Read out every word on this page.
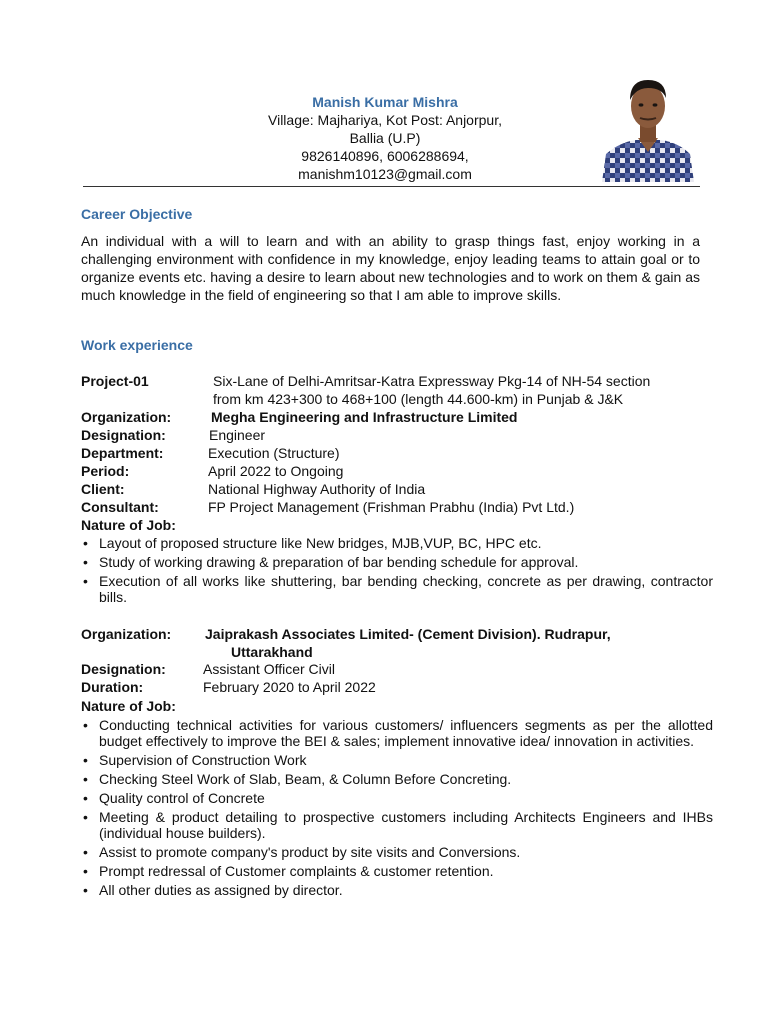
Manish Kumar Mishra
Village: Majhariya, Kot Post: Anjorpur,
Ballia (U.P)
9826140896, 6006288694,
manishm10123@gmail.com
Career Objective
An individual with a will to learn and with an ability to grasp things fast, enjoy working in a challenging environment with confidence in my knowledge, enjoy leading teams to attain goal or to organize events etc. having a desire to learn about new technologies and to work on them & gain as much knowledge in the field of engineering so that I am able to improve skills.
Work experience
Project-01	Six-Lane of Delhi-Amritsar-Katra Expressway Pkg-14 of NH-54 section
from km 423+300 to 468+100 (length 44.600-km) in Punjab & J&K
Organization:	Megha Engineering and Infrastructure Limited
Designation:	Engineer
Department:	Execution (Structure)
Period:	April 2022 to Ongoing
Client:	National Highway Authority of India
Consultant:	FP Project Management (Frishman Prabhu (India) Pvt Ltd.)
Nature of Job:
• Layout of proposed structure like New bridges, MJB,VUP, BC, HPC etc.
• Study of working drawing & preparation of bar bending schedule for approval.
• Execution of all works like shuttering, bar bending checking, concrete as per drawing, contractor bills.
Organization: Jaiprakash Associates Limited- (Cement Division). Rudrapur,
Uttarakhand
Designation:	Assistant Officer Civil
Duration:	February 2020 to April 2022
Nature of Job:
• Conducting technical activities for various customers/ influencers segments as per the allotted budget effectively to improve the BEI & sales; implement innovative idea/ innovation in activities.
• Supervision of Construction Work
• Checking Steel Work of Slab, Beam, & Column Before Concreting.
• Quality control of Concrete
• Meeting & product detailing to prospective customers including Architects Engineers and IHBs (individual house builders).
• Assist to promote company's product by site visits and Conversions.
• Prompt redressal of Customer complaints & customer retention.
• All other duties as assigned by director.
